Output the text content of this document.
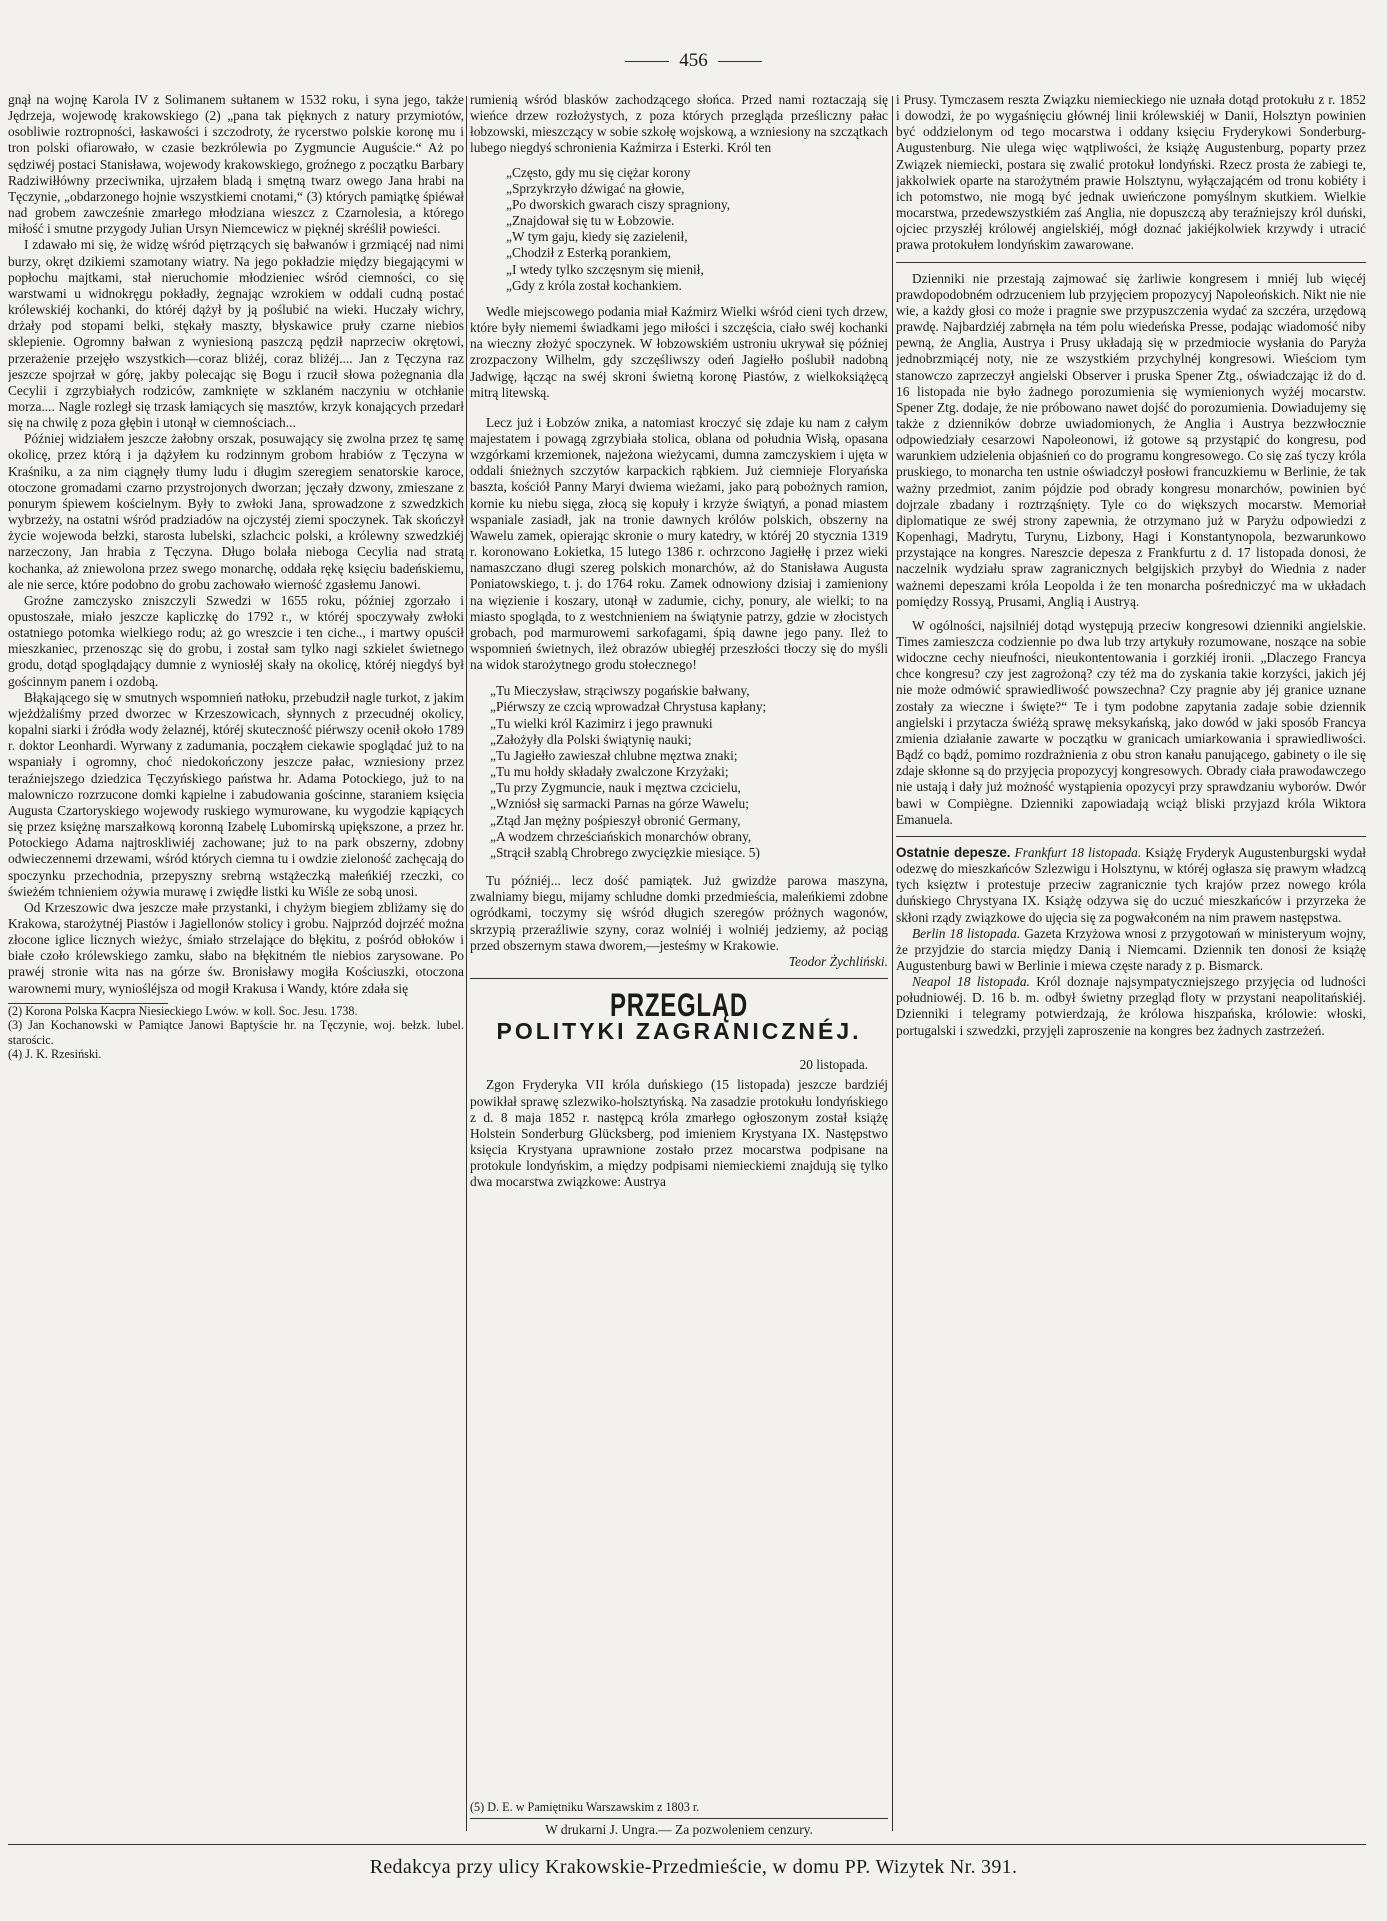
456

gnął na wojnę Karola IV z Solimanem sułtanem w 1532 roku, i syna jego, także Jędrzeja, wojewodę krakowskiego (2) „pana tak pięknych z natury przymiotów, osobliwie roztropności, łaskawości i szczodroty, że rycerstwo polskie koronę mu i tron polski ofiarowało, w czasie bezkrólewia po Zygmuncie Auguście.“ Aż po sędziwéj postaci Stanisława, wojewody krakowskiego, groźnego z początku Barbary Radziwiłłówny przeciwnika, ujrzałem bladą i smętną twarz owego Jana hrabi na Tęczynie, „obdarzonego hojnie wszystkiemi cnotami,“ (3) których pamiątkę śpiéwał nad grobem zawcześnie zmarłego młodziana wieszcz z Czarnolesia, a którego miłość i smutne przygody Julian Ursyn Niemcewicz w pięknéj skréślił powieści.

I zdawało mi się, że widzę wśród piętrzących się bałwanów i grzmiącéj nad nimi burzy, okręt dzikiemi szamotany wiatry. Na jego pokładzie między biegającymi w popłochu majtkami, stał nieruchomie młodzieniec wśród ciemności, co się warstwami u widnokręgu pokładły, żegnając wzrokiem w oddali cudną postać królewskiéj kochanki, do któréj dążył by ją poślubić na wieki. Huczały wichry, drżały pod stopami belki, stękały maszty, błyskawice pruły czarne niebios sklepienie. Ogromny bałwan z wyniesioną paszczą pędził naprzeciw okrętowi, przerażenie przejęło wszystkich—coraz bliżéj, coraz bliżéj.... Jan z Tęczyna raz jeszcze spojrzał w górę, jakby polecając się Bogu i rzucił słowa pożegnania dla Cecylii i zgrzybiałych rodziców, zamknięte w szklaném naczyniu w otchłanie morza.... Nagle rozległ się trzask łamiących się masztów, krzyk konających przedarł się na chwilę z poza głębin i utonął w ciemnościach...

Później widziałem jeszcze żałobny orszak, posuwający się zwolna przez tę samę okolicę, przez którą i ja dążyłem ku rodzinnym grobom hrabiów z Tęczyna w Kraśniku, a za nim ciągnęły tłumy ludu i długim szeregiem senatorskie karoce, otoczone gromadami czarno przystrojonych dworzan; jęczały dzwony, zmieszane z ponurym śpiewem kościelnym. Były to zwłoki Jana, sprowadzone z szwedzkich wybrzeży, na ostatni wśród pradziadów na ojczystéj ziemi spoczynek. Tak skończył życie wojewoda bełzki, starosta lubelski, szlachcic polski, a królewny szwedzkiéj narzeczony, Jan hrabia z Tęczyna. Długo bolała nieboga Cecylia nad stratą kochanka, aż zniewolona przez swego monarchę, oddała rękę księciu badeńskiemu, ale nie serce, które podobno do grobu zachowało wierność zgasłemu Janowi.

Groźne zamczysko zniszczyli Szwedzi w 1655 roku, później zgorzało i opustoszałe, miało jeszcze kapliczkę do 1792 r., w któréj spoczywały zwłoki ostatniego potomka wielkiego rodu; aż go wreszcie i ten ciche.., i martwy opuścił mieszkaniec, przenosząc się do grobu, i został sam tylko nagi szkielet świetnego grodu, dotąd spoglądający dumnie z wyniosłéj skały na okolicę, któréj niegdyś był gościnnym panem i ozdobą.

Błąkającego się w smutnych wspomnień natłoku, przebudził nagle turkot, z jakim wjeżdżaliśmy przed dworzec w Krzeszowicach, słynnych z przecudnéj okolicy, kopalni siarki i źródła wody żelaznéj, któréj skuteczność piérwszy ocenił około 1789 r. doktor Leonhardi. Wyrwany z zadumania, począłem ciekawie spoglądać już to na wspaniały i ogromny, choć niedokończony jeszcze pałac, wzniesiony przez teraźniejszego dziedzica Tęczyńskiego państwa hr. Adama Potockiego, już to na malowniczo rozrzucone domki kąpielne i zabudowania gościnne, staraniem księcia Augusta Czartoryskiego wojewody ruskiego wymurowane, ku wygodzie kąpiących się przez księżnę marszałkową koronną Izabelę Lubomirską upiększone, a przez hr. Potockiego Adama najtroskliwiéj zachowane; już to na park obszerny, zdobny odwieczennemi drzewami, wśród których ciemna tu i owdzie zieloność zachęcają do spoczynku przechodnia, przepyszny srebrną wstążeczką małeńkiéj rzeczki, co świeżém tchnieniem ożywia murawę i zwiędłe listki ku Wiśle ze sobą unosi.

Od Krzeszowic dwa jeszcze małe przystanki, i chyżym biegiem zbliżamy się do Krakowa, starożytnéj Piastów i Jagiellonów stolicy i grobu. Najprzód dojrzéć można złocone iglice licznych wieżyc, śmiało strzelające do błękitu, z pośród obłoków i białe czoło królewskiego zamku, słabo na błękitném tle niebios zarysowane. Po prawéj stronie wita nas na górze św. Bronisławy mogiła Kościuszki, otoczona warownemi mury, wyniośléjsza od mogił Krakusa i Wandy, które zdała się

(2) Korona Polska Kacpra Niesieckiego Lwów. w koll. Soc. Jesu. 1738.

(3) Jan Kochanowski w Pamiątce Janowi Baptyście hr. na Tęczynie, woj. bełzk. lubel. starościc.

(4) J. K. Rzesiński.

rumienią wśród blasków zachodzącego słońca. Przed nami roztaczają się wieńce drzew rozłożystych, z poza których przegląda prześliczny pałac łobzowski, mieszczący w sobie szkołę wojskową, a wzniesiony na szczątkach lubego niegdyś schronienia Kaźmirza i Esterki. Król ten

„Często, gdy mu się ciężar korony
„Sprzykrzyło dźwigać na głowie,
„Po dworskich gwarach ciszy spragniony,
„Znajdował się tu w Łobzowie.
„W tym gaju, kiedy się zazielenił,
„Chodził z Esterką porankiem,
„I wtedy tylko szczęsnym się mienił,
„Gdy z króla został kochankiem.

Wedle miejscowego podania miał Kaźmirz Wielki wśród cieni tych drzew, które były niememi świadkami jego miłości i szczęścia, ciało swéj kochanki na wieczny złożyć spoczynek. W łobzowskiém ustroniu ukrywał się później zrozpaczony Wilhelm, gdy szczęśliwszy odeń Jagiełło poślubił nadobną Jadwigę, łącząc na swéj skroni świetną koronę Piastów, z wielkoksiążęcą mitrą litewską.

Lecz już i Łobzów znika, a natomiast kroczyć się zdaje ku nam z całym majestatem i powagą zgrzybiała stolica, oblana od południa Wisłą, opasana wzgórkami krzemionek, najeżona wieżycami, dumna zamczyskiem i ujęta w oddali śnieżnych szczytów karpackich rąbkiem. Już ciemnieje Floryańska baszta, kościół Panny Maryi dwiema wieżami, jako parą pobożnych ramion, kornie ku niebu sięga, złocą się kopuły i krzyże świątyń, a ponad miastem wspaniale zasiadł, jak na tronie dawnych królów polskich, obszerny na Wawelu zamek, opierając skronie o mury katedry, w któréj 20 stycznia 1319 r. koronowano Łokietka, 15 lutego 1386 r. ochrzcono Jagiełłę i przez wieki namaszczano długi szereg polskich monarchów, aż do Stanisława Augusta Poniatowskiego, t. j. do 1764 roku. Zamek odnowiony dzisiaj i zamieniony na więzienie i koszary, utonął w zadumie, cichy, ponury, ale wielki; to na miasto spogląda, to z westchnieniem na świątynie patrzy, gdzie w złocistych grobach, pod marmurowemi sarkofagami, śpią dawne jego pany. Ileż to wspomnień świetnych, ileż obrazów ubiegłéj przeszłości tłoczy się do myśli na widok starożytnego grodu stołecznego!

„Tu Mieczysław, strąciwszy pogańskie bałwany,
„Piérwszy ze czcią wprowadzał Chrystusa kapłany;
„Tu wielki król Kazimirz i jego prawnuki
„Założyły dla Polski świątynię nauki;
„Tu Jagiełło zawieszał chlubne męztwa znaki;
„Tu mu hołdy składały zwalczone Krzyżaki;
„Tu przy Zygmuncie, nauk i męztwa czcicielu,
„Wzniósł się sarmacki Parnas na górze Wawelu;
„Ztąd Jan mężny pośpieszył obronić Germany,
„A wodzem chrześciańskich monarchów obrany,
„Strącił szablą Chrobrego zwycięzkie miesiące. 5)

Tu późniéj... lecz dość pamiątek. Już gwizdże parowa maszyna, zwalniamy biegu, mijamy schludne domki przedmieścia, maleńkiemi zdobne ogródkami, toczymy się wśród długich szeregów próżnych wagonów, skrzypią przeraźliwie szyny, coraz wolniéj i wolniéj jedziemy, aż pociąg przed obszernym stawa dworem,—jesteśmy w Krakowie.

Teodor Żychliński.
PRZEGLĄD
POLITYKI ZAGRANICZNÉJ.
20 listopada.

Zgon Fryderyka VII króla duńskiego (15 listopada) jeszcze bardziéj powikłał sprawę szlezwiko-holsztyńską. Na zasadzie protokułu londyńskiego z d. 8 maja 1852 r. następcą króla zmarłego ogłoszonym został książę Holstein Sonderburg Glücksberg, pod imieniem Krystyana IX. Następstwo księcia Krystyana uprawnione zostało przez mocarstwa podpisane na protokule londyńskim, a między podpisami niemieckiemi znajdują się tylko dwa mocarstwa związkowe: Austrya

(5) D. E. w Pamiętniku Warszawskim z 1803 r.
W drukarni J. Ungra.— Za pozwoleniem cenzury.

i Prusy. Tymczasem reszta Związku niemieckiego nie uznała dotąd protokułu z r. 1852 i dowodzi, że po wygaśnięciu głównéj linii królewskiéj w Danii, Holsztyn powinien być oddzielonym od tego mocarstwa i oddany księciu Fryderykowi Sonderburg-Augustenburg. Nie ulega więc wątpliwości, że książę Augustenburg, poparty przez Związek niemiecki, postara się zwalić protokuł londyński. Rzecz prosta że zabiegi te, jakkolwiek oparte na starożytném prawie Holsztynu, wyłączającém od tronu kobiéty i ich potomstwo, nie mogą być jednak uwieńczone pomyślnym skutkiem. Wielkie mocarstwa, przedewszystkiém zaś Anglia, nie dopuszczą aby teraźniejszy król duński, ojciec przyszłéj królowéj angielskiéj, mógł doznać jakiéjkolwiek krzywdy i utracić prawa protokułem londyńskim zawarowane.

Dzienniki nie przestają zajmować się żarliwie kongresem i mniéj lub więcéj prawdopodobném odrzuceniem lub przyjęciem propozycyj Napoleońskich. Nikt nie nie wie, a każdy głosi co może i pragnie swe przypuszczenia wydać za szczéra, urzędową prawdę. Najbardziéj zabrnęła na tém polu wiedeńska Presse, podając wiadomość niby pewną, że Anglia, Austrya i Prusy układają się w przedmiocie wysłania do Paryża jednobrzmiącéj noty, nie ze wszystkiém przychylnéj kongresowi. Wieściom tym stanowczo zaprzeczył angielski Observer i pruska Spener Ztg., oświadczając iż do d. 16 listopada nie było żadnego porozumienia się wymienionych wyżéj mocarstw. Spener Ztg. dodaje, że nie próbowano nawet dojść do porozumienia. Dowiadujemy się także z dzienników dobrze uwiadomionych, że Anglia i Austrya bezzwłocznie odpowiedziały cesarzowi Napoleonowi, iż gotowe są przystąpić do kongresu, pod warunkiem udzielenia objaśnień co do programu kongresowego. Co się zaś tyczy króla pruskiego, to monarcha ten ustnie oświadczył posłowi francuzkiemu w Berlinie, że tak ważny przedmiot, zanim pójdzie pod obrady kongresu monarchów, powinien być dojrzale zbadany i roztrząśnięty. Tyle co do większych mocarstw. Memoriał diplomatique ze swéj strony zapewnia, że otrzymano już w Paryżu odpowiedzi z Kopenhagi, Madrytu, Turynu, Lizbony, Hagi i Konstantynopola, bezwarunkowo przystające na kongres. Nareszcie depesza z Frankfurtu z d. 17 listopada donosi, że naczelnik wydziału spraw zagranicznych belgijskich przybył do Wiednia z nader ważnemi depeszami króla Leopolda i że ten monarcha pośredniczyć ma w układach pomiędzy Rossyą, Prusami, Anglią i Austryą.

W ogólności, najsilniéj dotąd występują przeciw kongresowi dzienniki angielskie. Times zamieszcza codziennie po dwa lub trzy artykuły rozumowane, noszące na sobie widoczne cechy nieufności, nieukontentowania i gorzkiéj ironii. „Dlaczego Francya chce kongresu? czy jest zagrożoną? czy téż ma do zyskania takie korzyści, jakich jéj nie może odmówić sprawiedliwość powszechna? Czy pragnie aby jéj granice uznane zostały za wieczne i święte?“ Te i tym podobne zapytania zadaje sobie dziennik angielski i przytacza świéżą sprawę meksykańską, jako dowód w jaki sposób Francya zmienia działanie zawarte w początku w granicach umiarkowania i sprawiedliwości. Bądź co bądź, pomimo rozdrażnienia z obu stron kanału panującego, gabinety o ile się zdaje skłonne są do przyjęcia propozycyj kongresowych. Obrady ciała prawodawczego nie ustają i dały już możność wystąpienia opozycyi przy sprawdzaniu wyborów. Dwór bawi w Compiègne. Dzienniki zapowiadają wciąż bliski przyjazd króla Wiktora Emanuela.

Ostatnie depesze. Frankfurt 18 listopada. Książę Fryderyk Augustenburgski wydał odezwę do mieszkańców Szlezwigu i Holsztynu, w któréj ogłasza się prawym władzcą tych księztw i protestuje przeciw zagranicznie tych krajów przez nowego króla duńskiego Chrystyana IX. Książę odzywa się do uczuć mieszkańców i przyrzeka że skłoni rządy związkowe do ujęcia się za pogwałconém na nim prawem następstwa.

Berlin 18 listopada. Gazeta Krzyżowa wnosi z przygotowań w ministeryum wojny, że przyjdzie do starcia między Danią i Niemcami. Dziennik ten donosi że książę Augustenburg bawi w Berlinie i miewa częste narady z p. Bismarck.

Neapol 18 listopada. Król doznaje najsympatyczniejszego przyjęcia od ludności południowéj. D. 16 b. m. odbył świetny przegląd floty w przystani neapolitańskiéj. Dzienniki i telegramy potwierdzają, że królowa hiszpańska, królowie: włoski, portugalski i szwedzki, przyjęli zaproszenie na kongres bez żadnych zastrzeżeń.

Redakcya przy ulicy Krakowskie-Przedmieście, w domu PP. Wizytek Nr. 391.
